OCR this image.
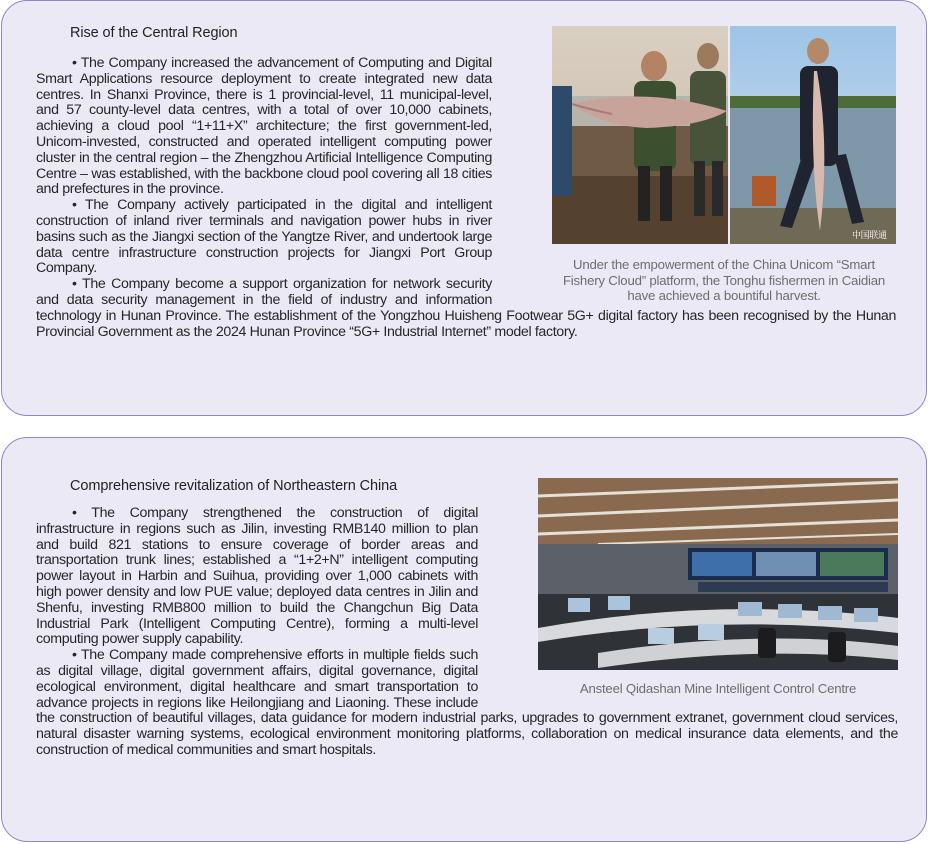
Rise of the Central Region
中国联通
Under the empowerment of the China Unicom “Smart Fishery Cloud” platform, the Tonghu fishermen in Caidian have achieved a bountiful harvest.

• The Company increased the advancement of Computing and Digital Smart Applications resource deployment to create integrated new data centres. In Shanxi Province, there is 1 provincial-level, 11 municipal-level, and 57 county-level data centres, with a total of over 10,000 cabinets, achieving a cloud pool “1+11+X” architecture; the first government-led, Unicom-invested, constructed and operated intelligent computing power cluster in the central region – the Zhengzhou Artificial Intelligence Computing Centre – was established, with the backbone cloud pool covering all 18 cities and prefectures in the province.

• The Company actively participated in the digital and intelligent construction of inland river terminals and navigation power hubs in river basins such as the Jiangxi section of the Yangtze River, and undertook large data centre infrastructure construction projects for Jiangxi Port Group Company.

• The Company become a support organization for network security and data security management in the field of industry and information technology in Hunan Province. The establishment of the Yongzhou Huisheng Footwear 5G+ digital factory has been recognised by the Hunan Provincial Government as the 2024 Hunan Province “5G+ Industrial Internet” model factory.

Comprehensive revitalization of Northeastern China
Ansteel Qidashan Mine Intelligent Control Centre

• The Company strengthened the construction of digital infrastructure in regions such as Jilin, investing RMB140 million to plan and build 821 stations to ensure coverage of border areas and transportation trunk lines; established a “1+2+N” intelligent computing power layout in Harbin and Suihua, providing over 1,000 cabinets with high power density and low PUE value; deployed data centres in Jilin and Shenfu, investing RMB800 million to build the Changchun Big Data Industrial Park (Intelligent Computing Centre), forming a multi-level computing power supply capability.

• The Company made comprehensive efforts in multiple fields such as digital village, digital government affairs, digital governance, digital ecological environment, digital healthcare and smart transportation to advance projects in regions like Heilongjiang and Liaoning. These include the construction of beautiful villages, data guidance for modern industrial parks, upgrades to government extranet, government cloud services, natural disaster warning systems, ecological environment monitoring platforms, collaboration on medical insurance data elements, and the construction of medical communities and smart hospitals.
